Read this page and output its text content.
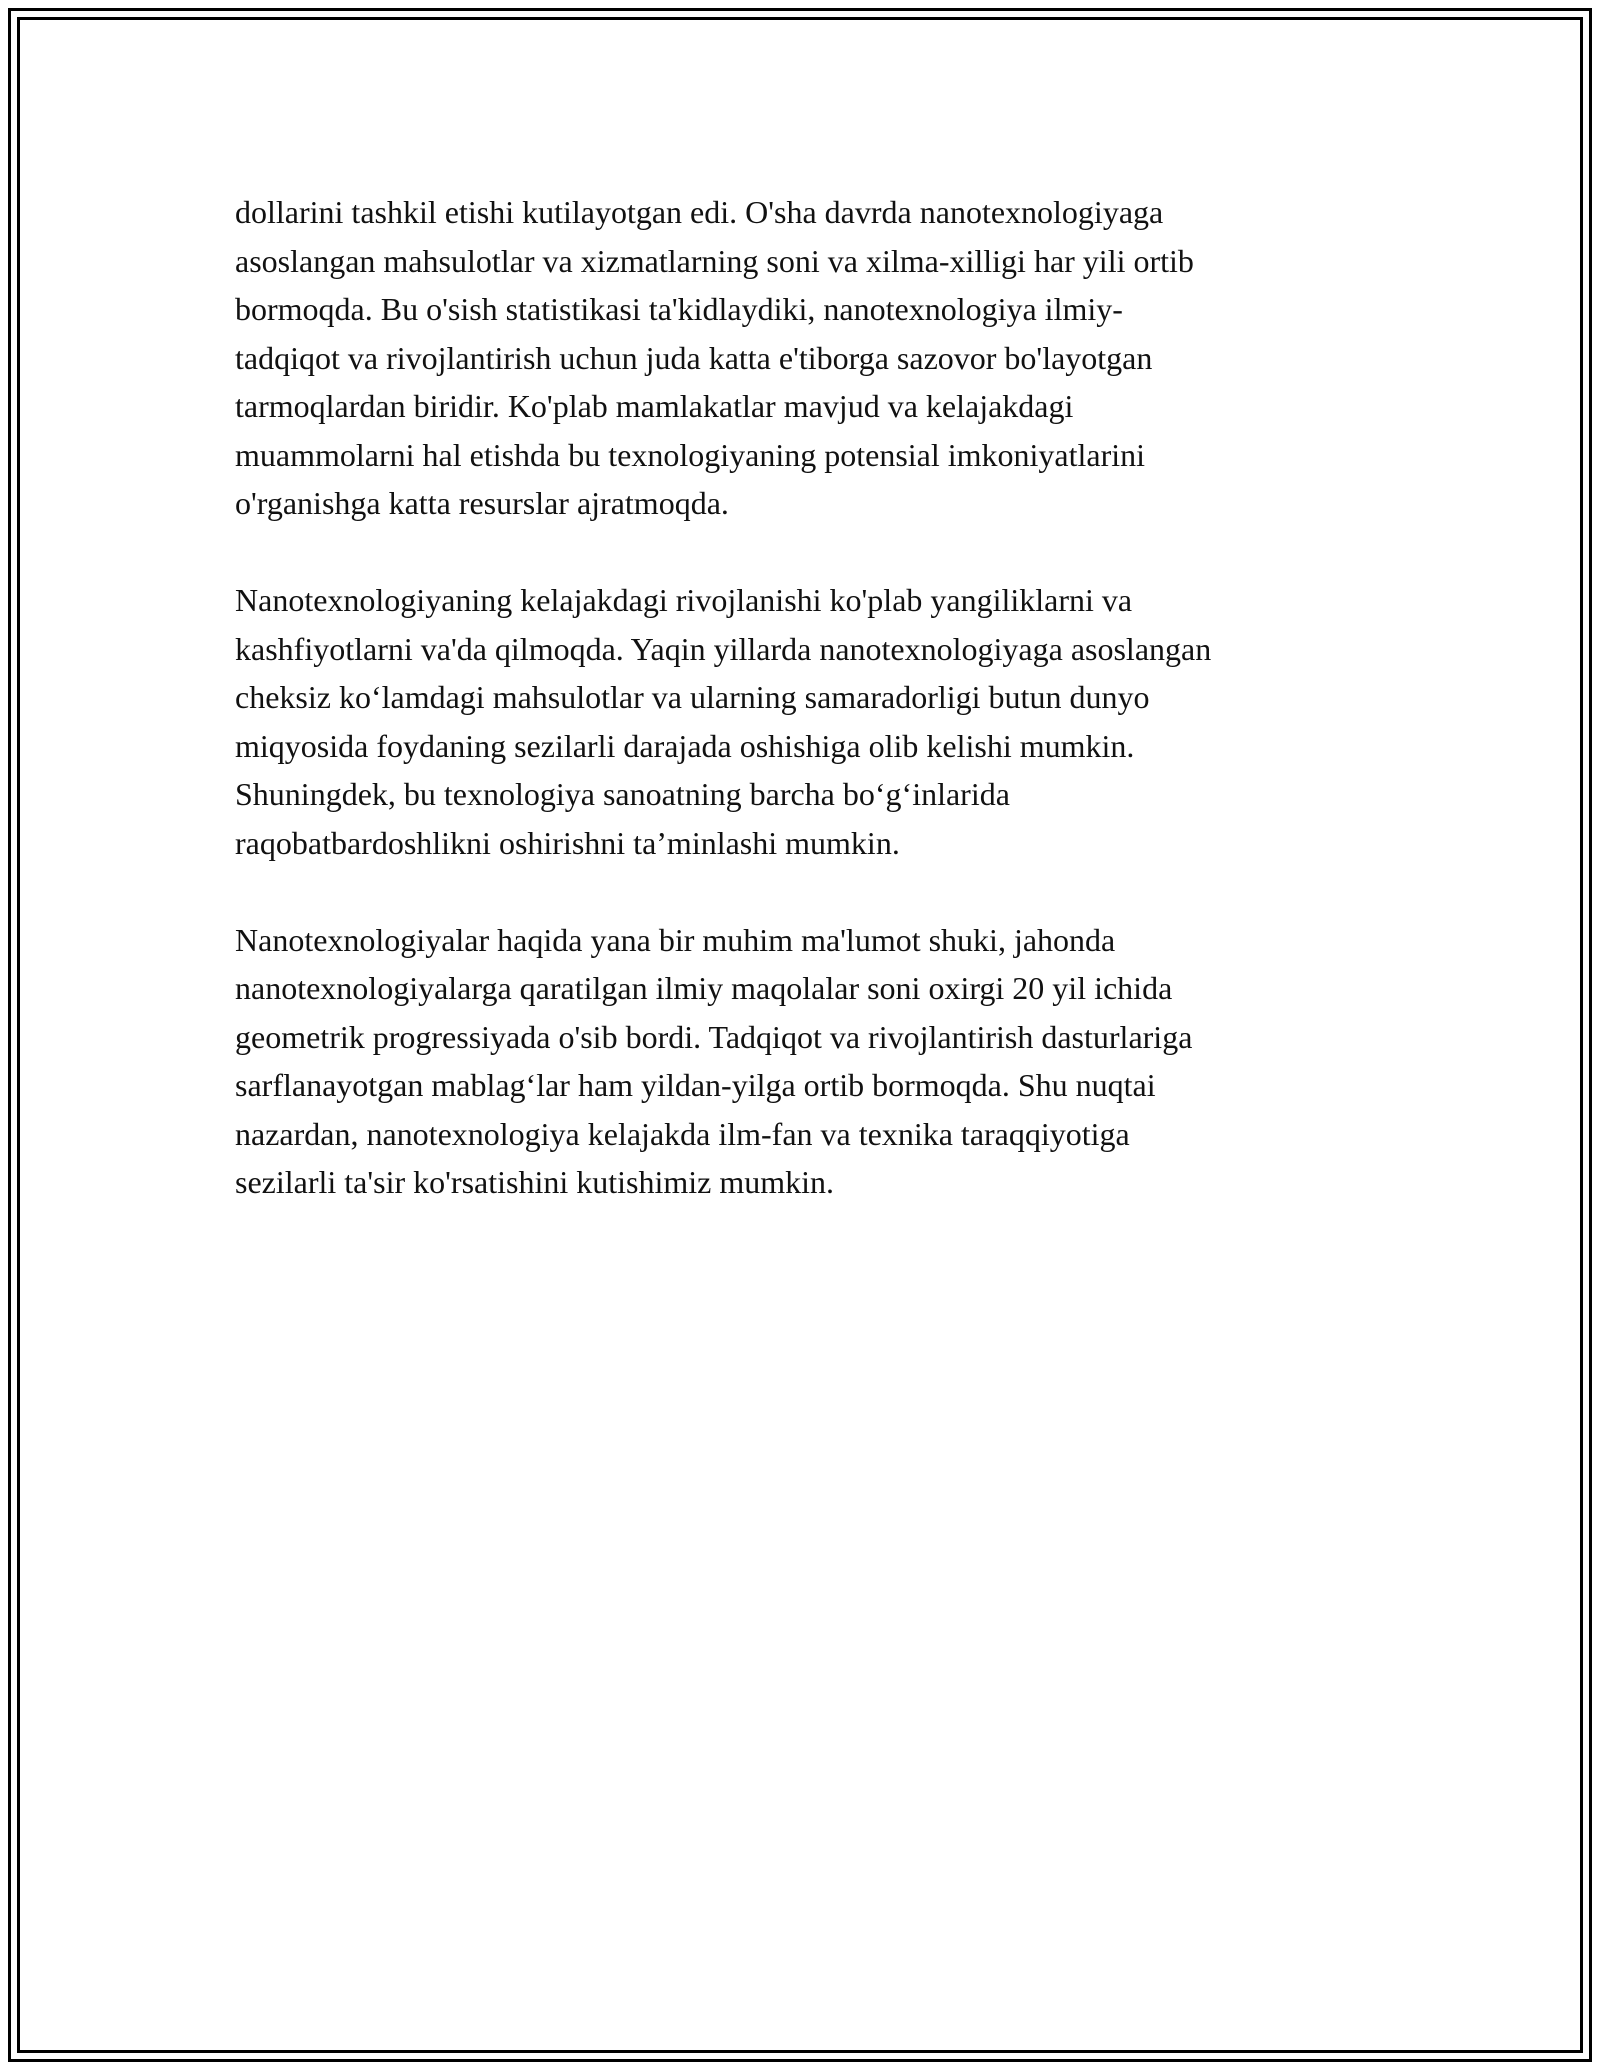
dollarini tashkil etishi kutilayotgan edi. O'sha davrda nanotexnologiyaga
asoslangan mahsulotlar va xizmatlarning soni va xilma-xilligi har yili ortib
bormoqda. Bu o'sish statistikasi ta'kidlaydiki, nanotexnologiya ilmiy-
tadqiqot va rivojlantirish uchun juda katta e'tiborga sazovor bo'layotgan
tarmoqlardan biridir. Ko'plab mamlakatlar mavjud va kelajakdagi
muammolarni hal etishda bu texnologiyaning potensial imkoniyatlarini
o'rganishga katta resurslar ajratmoqda.

Nanotexnologiyaning kelajakdagi rivojlanishi ko'plab yangiliklarni va
kashfiyotlarni va'da qilmoqda. Yaqin yillarda nanotexnologiyaga asoslangan
cheksiz ko‘lamdagi mahsulotlar va ularning samaradorligi butun dunyo
miqyosida foydaning sezilarli darajada oshishiga olib kelishi mumkin.
Shuningdek, bu texnologiya sanoatning barcha bo‘g‘inlarida
raqobatbardoshlikni oshirishni ta’minlashi mumkin.

Nanotexnologiyalar haqida yana bir muhim ma'lumot shuki, jahonda
nanotexnologiyalarga qaratilgan ilmiy maqolalar soni oxirgi 20 yil ichida
geometrik progressiyada o'sib bordi. Tadqiqot va rivojlantirish dasturlariga
sarflanayotgan mablag‘lar ham yildan-yilga ortib bormoqda. Shu nuqtai
nazardan, nanotexnologiya kelajakda ilm-fan va texnika taraqqiyotiga
sezilarli ta'sir ko'rsatishini kutishimiz mumkin.
